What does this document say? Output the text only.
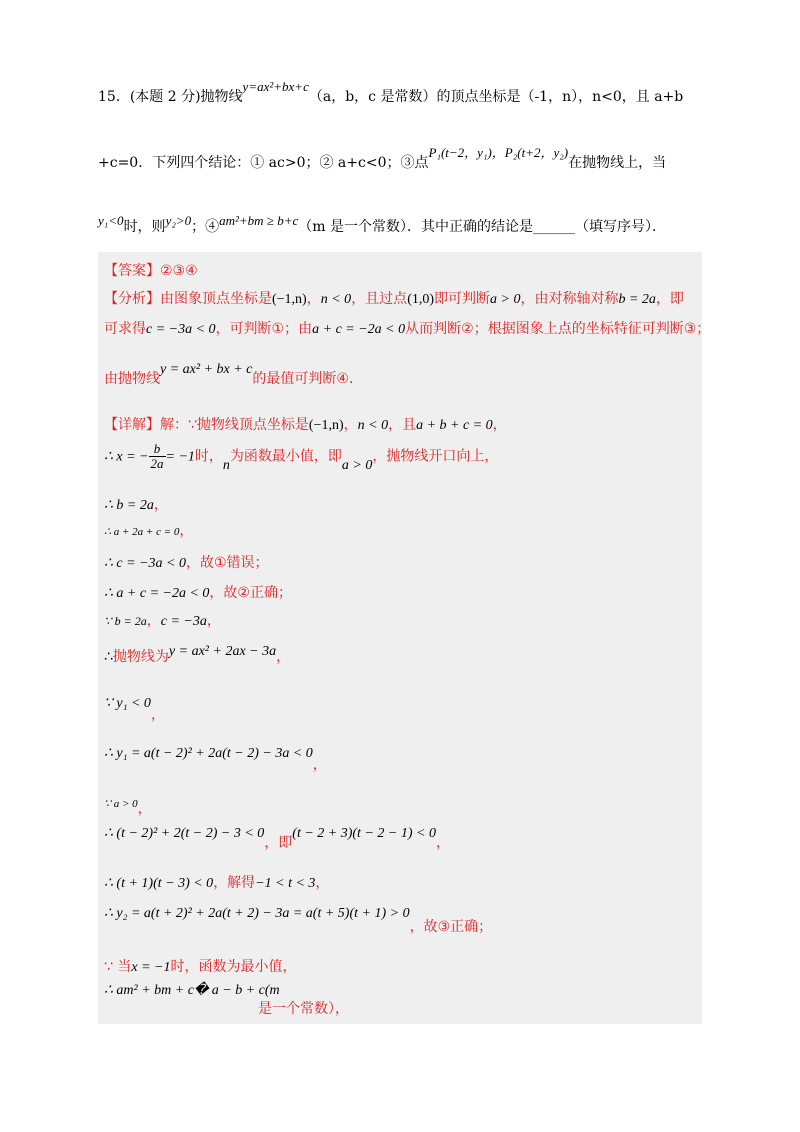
15．(本题 2 分)抛物线y=ax²+bx+c（a，b，c 是常数）的顶点坐标是（-1，n），n<0，且 a+b
+c=0．下列四个结论：① ac>0；② a+c<0；③点P₁(t−2，y₁)，P₂(t+2，y₂)在抛物线上，当
y₁<0时，则y₂>0；④am²+bm ≥ b+c（m 是一个常数）．其中正确的结论是______（填写序号）．
【答案】②③④
【分析】由图象顶点坐标是(−1,n)，n < 0，且过点(1,0)即可判断a > 0，由对称轴对称b = 2a，即
可求得c = −3a < 0，可判断①；由a + c = −2a < 0从而判断②；根据图象上点的坐标特征可判断③；
由抛物线y = ax² + bx + c的最值可判断④.
【详解】解：∵抛物线顶点坐标是(−1,n)，n < 0，且a + b + c = 0，
∴ x = − $\frac{b}{2a} = -1$时，n为函数最小值，即a > 0，抛物线开口向上，
∴ b = 2a，
∴ a + 2a + c = 0，
∴ c = −3a < 0，故①错误；
∴ a + c = −2a < 0，故②正确；
∵ b = 2a，c = −3a，
∴抛物线为y = ax² + 2ax − 3a，
∵ y₁ < 0，
∴ y₁ = a(t − 2)² + 2a(t − 2) − 3a < 0，
∵ a > 0，
∴ (t − 2)² + 2(t − 2) − 3 < 0，即(t − 2 + 3)(t − 2 − 1) < 0，
∴ (t + 1)(t − 3) < 0，解得−1 < t < 3，
∴ y₂ = a(t + 2)² + 2a(t + 2) − 3a = a(t + 5)(t + 1) > 0，故③正确；
∵ 当x = −1时，函数为最小值，
∴ am² + bm + c� a − b + c(m
是一个常数），
